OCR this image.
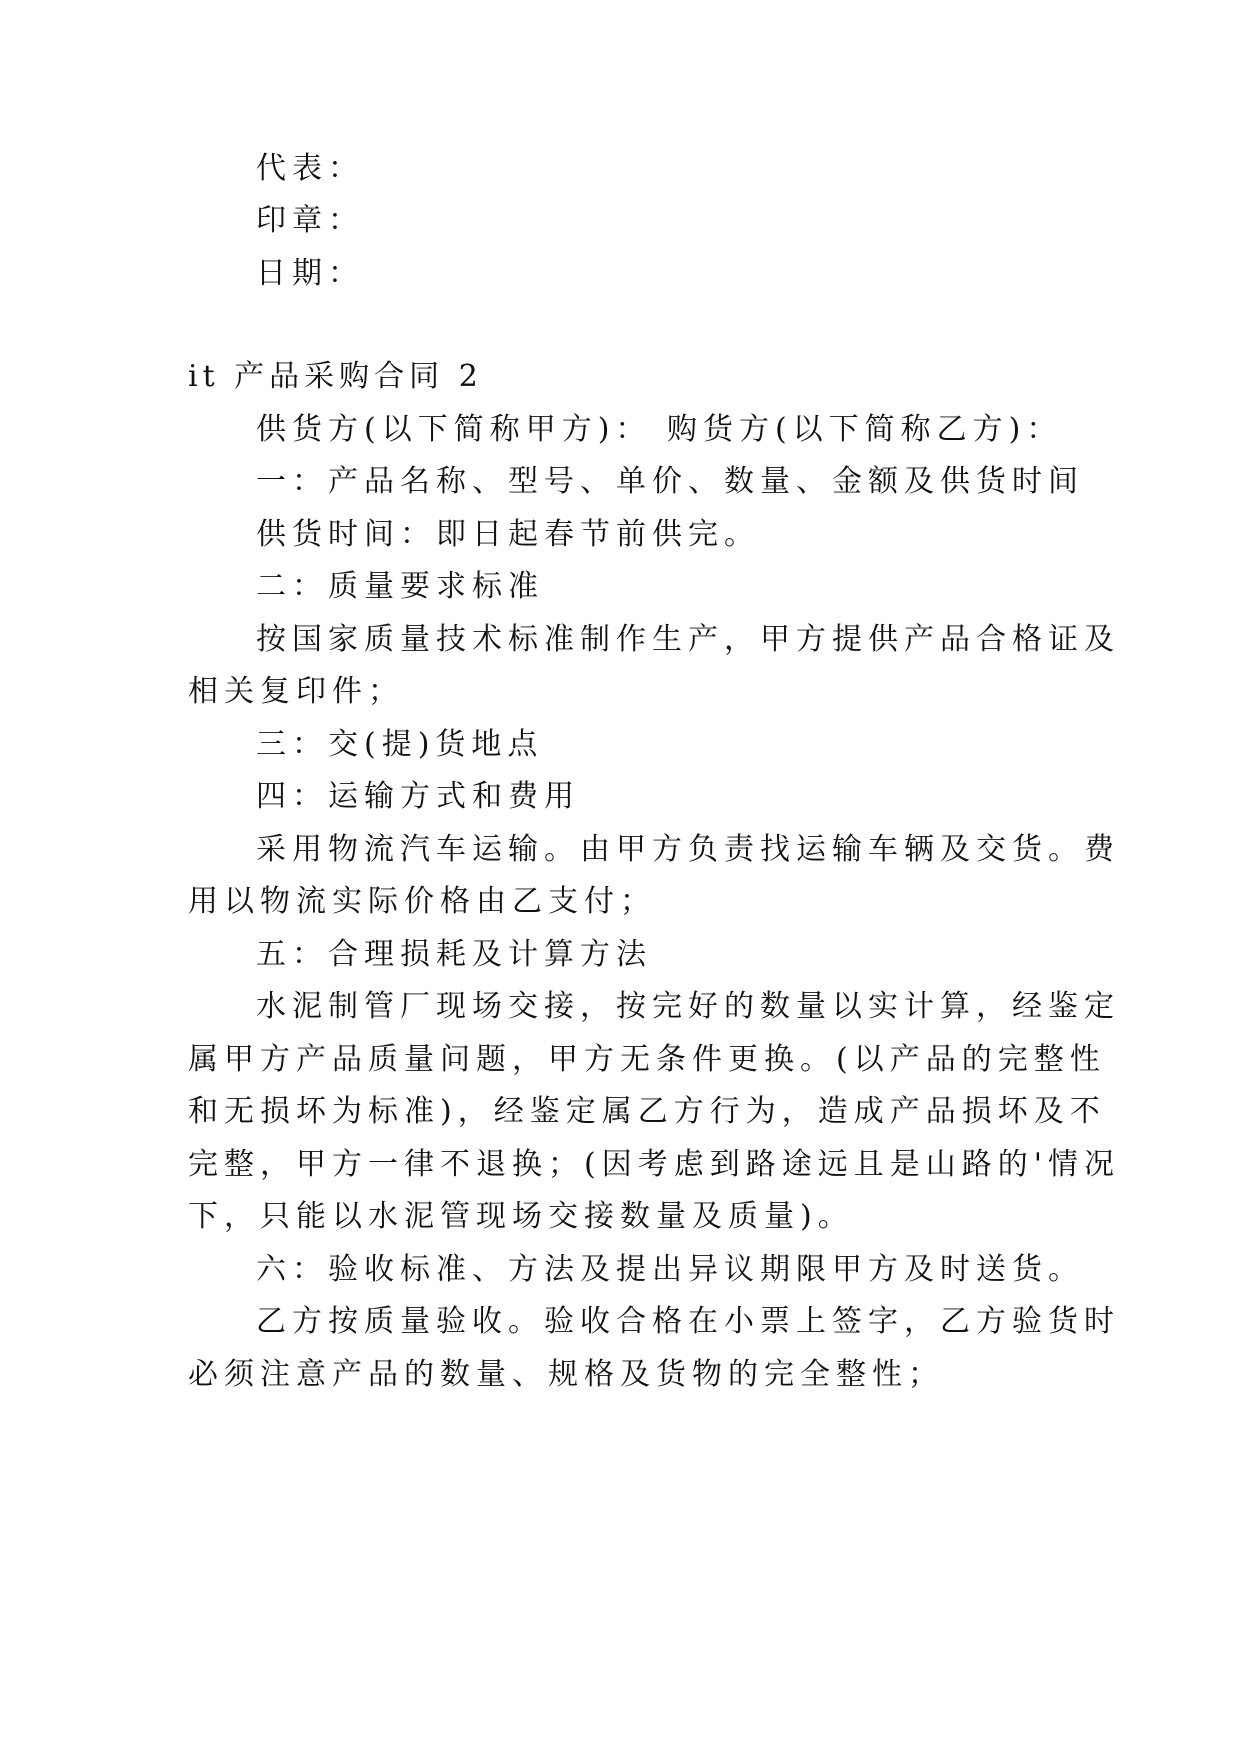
代表：
印章：
日期：
it 产品采购合同 2
供货方(以下简称甲方)： 购货方(以下简称乙方)：
一：产品名称、型号、单价、数量、金额及供货时间
供货时间：即日起春节前供完。
二：质量要求标准
按国家质量技术标准制作生产，甲方提供产品合格证及
相关复印件；
三：交(提)货地点
四：运输方式和费用
采用物流汽车运输。由甲方负责找运输车辆及交货。费
用以物流实际价格由乙支付；
五：合理损耗及计算方法
水泥制管厂现场交接，按完好的数量以实计算，经鉴定
属甲方产品质量问题，甲方无条件更换。(以产品的完整性
和无损坏为标准)，经鉴定属乙方行为，造成产品损坏及不
完整，甲方一律不退换；(因考虑到路途远且是山路的'情况
下，只能以水泥管现场交接数量及质量)。
六：验收标准、方法及提出异议期限甲方及时送货。
乙方按质量验收。验收合格在小票上签字，乙方验货时
必须注意产品的数量、规格及货物的完全整性；
